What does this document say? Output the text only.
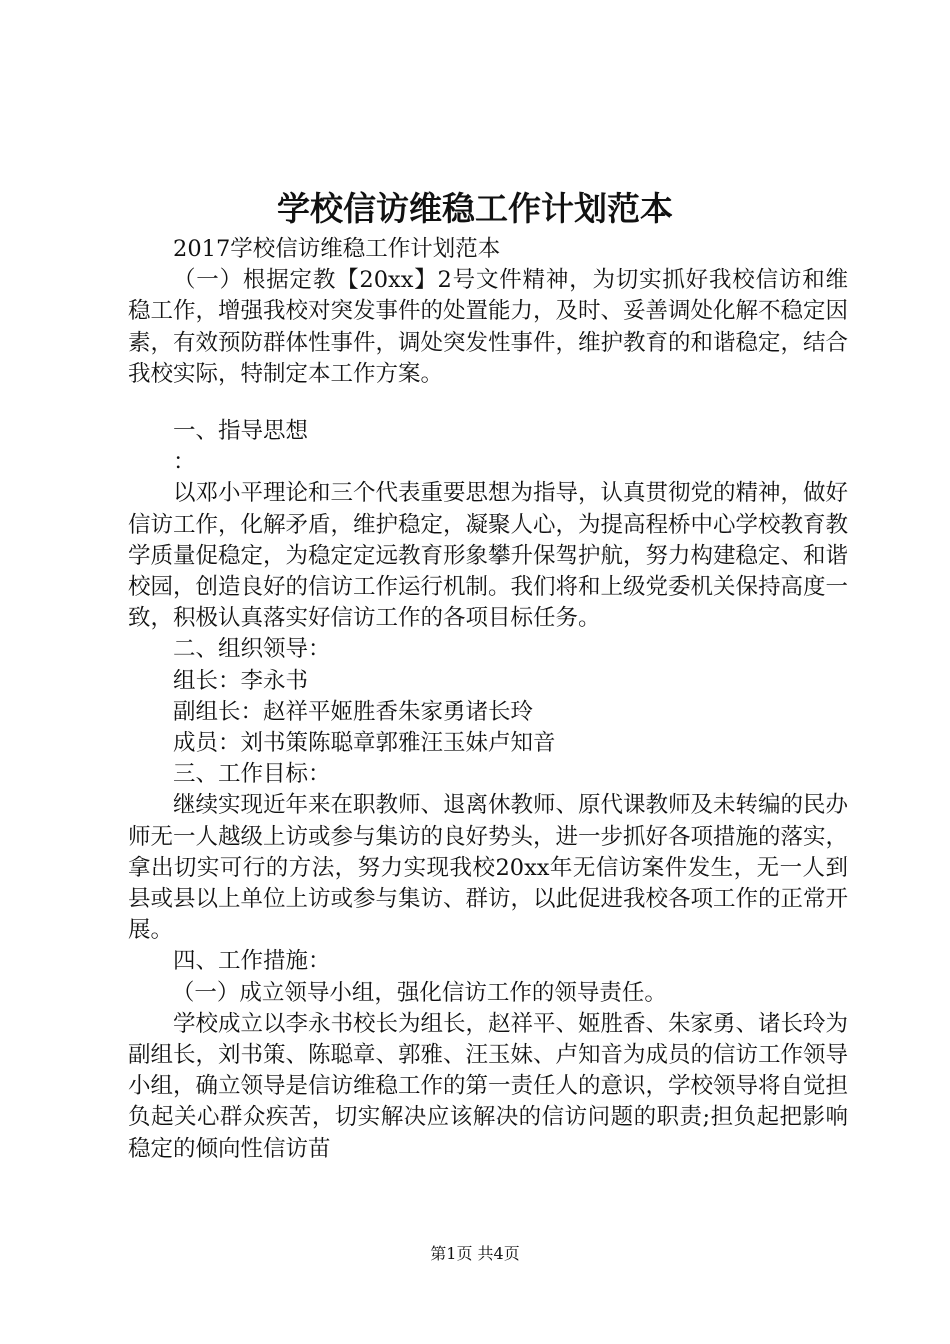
学校信访维稳工作计划范本

2017学校信访维稳工作计划范本

（一）根据定教【20xx】2号文件精神，为切实抓好我校信访和维稳工作，增强我校对突发事件的处置能力，及时、妥善调处化解不稳定因素，有效预防群体性事件，调处突发性事件，维护教育的和谐稳定，结合我校实际，特制定本工作方案。

一、指导思想

：

以邓小平理论和三个代表重要思想为指导，认真贯彻党的精神，做好信访工作，化解矛盾，维护稳定，凝聚人心，为提高程桥中心学校教育教学质量促稳定，为稳定定远教育形象攀升保驾护航，努力构建稳定、和谐校园，创造良好的信访工作运行机制。我们将和上级党委机关保持高度一致，积极认真落实好信访工作的各项目标任务。

二、组织领导：

组长：李永书

副组长：赵祥平姬胜香朱家勇诸长玲

成员：刘书策陈聪章郭雅汪玉妹卢知音

三、工作目标：

继续实现近年来在职教师、退离休教师、原代课教师及未转编的民办师无一人越级上访或参与集访的良好势头，进一步抓好各项措施的落实，拿出切实可行的方法，努力实现我校20xx年无信访案件发生，无一人到县或县以上单位上访或参与集访、群访，以此促进我校各项工作的正常开展。

四、工作措施：

（一）成立领导小组，强化信访工作的领导责任。

学校成立以李永书校长为组长，赵祥平、姬胜香、朱家勇、诸长玲为副组长，刘书策、陈聪章、郭雅、汪玉妹、卢知音为成员的信访工作领导小组，确立领导是信访维稳工作的第一责任人的意识，学校领导将自觉担负起关心群众疾苦，切实解决应该解决的信访问题的职责;担负起把影响稳定的倾向性信访苗

第1页 共4页
